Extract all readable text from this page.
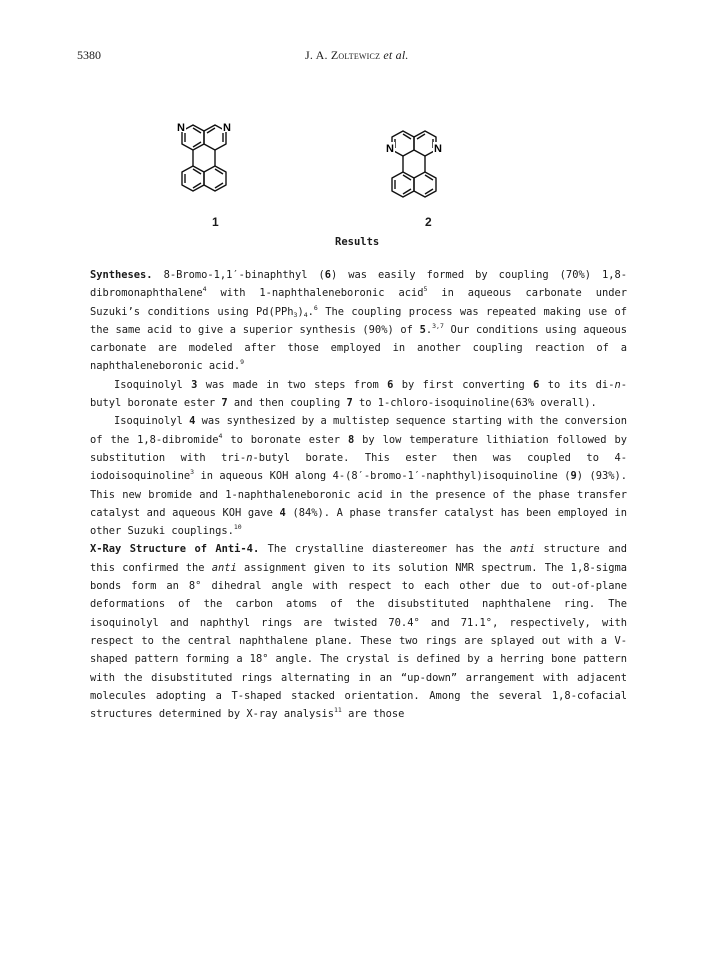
5380	J. A. Zoltewicz et al.
N	N
N	N
1	2
Results

Syntheses. 8-Bromo-1,1′-binaphthyl (6) was easily formed by coupling (70%) 1,8-dibromonaphthalene$^4$ with 1-naphthaleneboronic acid$^5$ in aqueous carbonate under Suzuki’s conditions using $Pd(PPh_3)_4.^6$ The coupling process was repeated making use of the same acid to give a superior synthesis (90%) of 5.$^{3,7}$ Our conditions using aqueous carbonate are modeled after those employed in another coupling reaction of a naphthaleneboronic acid.$^9$

Isoquinolyl 3 was made in two steps from 6 by first converting 6 to its di-n-butyl boronate ester 7 and then coupling 7 to 1-chloro-isoquinoline(63% overall).

Isoquinolyl 4 was synthesized by a multistep sequence starting with the conversion of the 1,8-dibromide$^4$ to boronate ester 8 by low temperature lithiation followed by substitution with tri-n-butyl borate. This ester then was coupled to 4-iodoisoquinoline$^3$ in aqueous KOH along 4-(8′-bromo-1′-naphthyl)isoquinoline (9) (93%). This new bromide and 1-naphthaleneboronic acid in the presence of the phase transfer catalyst and aqueous KOH gave 4 (84%). A phase transfer catalyst has been employed in other Suzuki couplings.$^{10}$

X-Ray Structure of Anti-4. The crystalline diastereomer has the anti structure and this confirmed the anti assignment given to its solution NMR spectrum. The 1,8-sigma bonds form an 8° dihedral angle with respect to each other due to out-of-plane deformations of the carbon atoms of the disubstituted naphthalene ring. The isoquinolyl and naphthyl rings are twisted 70.4° and 71.1°, respectively, with respect to the central naphthalene plane. These two rings are splayed out with a V-shaped pattern forming a 18° angle. The crystal is defined by a herring bone pattern with the disubstituted rings alternating in an “up-down” arrangement with adjacent molecules adopting a T-shaped stacked orientation. Among the several 1,8-cofacial structures determined by X-ray analysis$^{11}$ are those
